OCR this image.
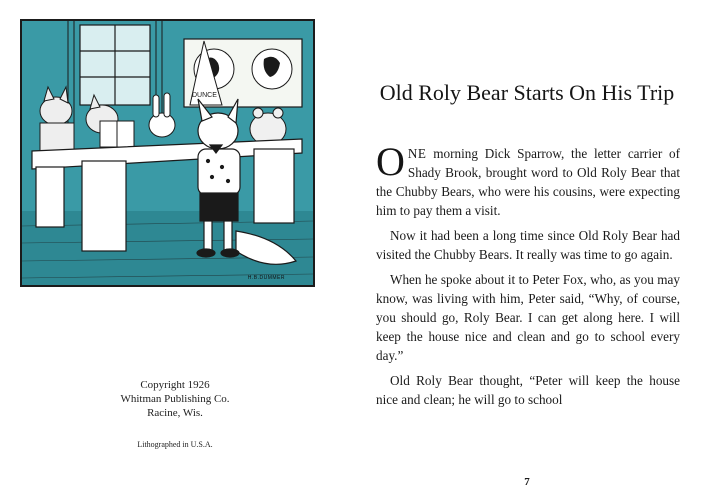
DUNCE
H.B.DUMMER
Copyright 1926
Whitman Publishing Co.
Racine, Wis.
Lithographed in U.S.A.
Old Roly Bear Starts On His Trip

ONE morning Dick Sparrow, the letter carrier of Shady Brook, brought word to Old Roly Bear that the Chubby Bears, who were his cousins, were expecting him to pay them a visit.

Now it had been a long time since Old Roly Bear had visited the Chubby Bears. It really was time to go again.

When he spoke about it to Peter Fox, who, as you may know, was living with him, Peter said, “Why, of course, you should go, Roly Bear. I can get along here. I will keep the house nice and clean and go to school every day.”

Old Roly Bear thought, “Peter will keep the house nice and clean; he will go to school

7
